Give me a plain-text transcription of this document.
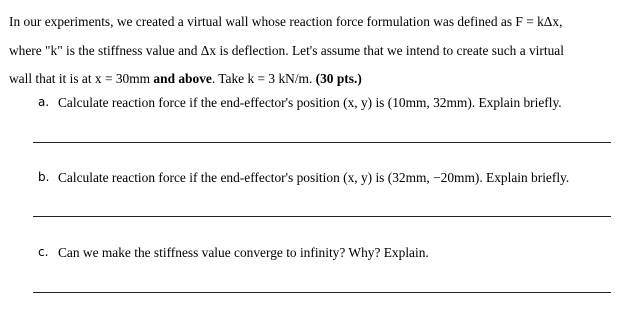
In our experiments, we created a virtual wall whose reaction force formulation was defined as F = kΔx,
where "k" is the stiffness value and Δx is deflection. Let's assume that we intend to create such a virtual
wall that it is at x = 30mm and above. Take k = 3 kN/m. (30 pts.)
a. Calculate reaction force if the end-effector's position (x, y) is (10mm, 32mm). Explain briefly.
b. Calculate reaction force if the end-effector's position (x, y) is (32mm, −20mm). Explain briefly.
c. Can we make the stiffness value converge to infinity? Why? Explain.
